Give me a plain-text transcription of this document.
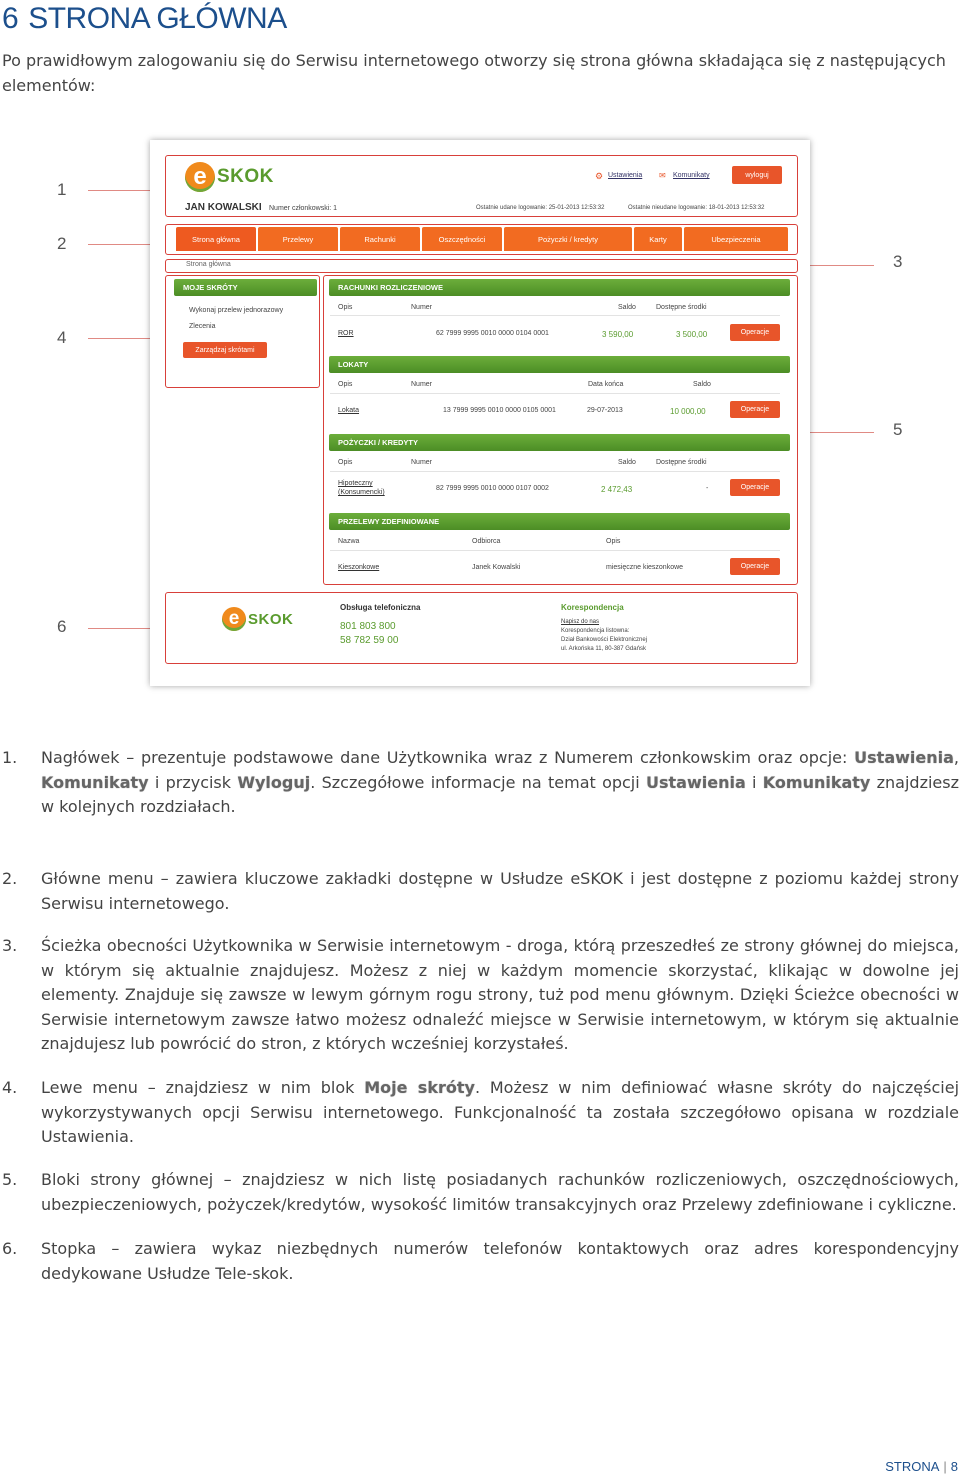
6 STRONA GŁÓWNA
Po prawidłowym zalogowaniu się do Serwisu internetowego otworzy się strona główna składająca się z następujących elementów:
1
2
3
4
5
6
e SKOK
JAN KOWALSKI Numer członkowski: 1
⚙ Ustawienia ✉ Komunikaty	wyloguj
Ostatnie udane logowanie: 25-01-2013 12:53:32	Ostatnie nieudane logowanie: 18-01-2013 12:53:32
Strona główna	Przelewy	Rachunki	Oszczędności	Pożyczki / kredyty	Karty	Ubezpieczenia
Strona główna
MOJE SKRÓTY
Wykonaj przelew jednorazowy
Zlecenia
Zarządzaj skrótami
RACHUNKI ROZLICZENIOWE
Opis	Numer	Saldo	Dostępne środki
ROR	62 7999 9995 0010 0000 0104 0001	3 590,00	3 500,00	Operacje
LOKATY
Opis	Numer	Data końca	Saldo
Lokata	13 7999 9995 0010 0000 0105 0001	29-07-2013	10 000,00	Operacje
POŻYCZKI / KREDYTY
Opis	Numer	Saldo	Dostępne środki
Hipoteczny
(Konsumencki)
82 7999 9995 0010 0000 0107 0002	2 472,43	-	Operacje
PRZELEWY ZDEFINIOWANE
Nazwa	Odbiorca	Opis
Kieszonkowe	Janek Kowalski	miesięczne kieszonkowe	Operacje
e SKOK
Obsługa telefoniczna
801 803 800
58 782 59 00
Korespondencja
Napisz do nas
Korespondencja listowna:
Dział Bankowości Elektronicznej
ul. Arkońska 11, 80-387 Gdańsk
1. Nagłówek – prezentuje podstawowe dane Użytkownika wraz z Numerem członkowskim oraz opcje: Ustawienia, Komunikaty i przycisk Wyloguj. Szczegółowe informacje na temat opcji Ustawienia i Komunikaty znajdziesz w kolejnych rozdziałach.
2. Główne menu – zawiera kluczowe zakładki dostępne w Usłudze eSKOK i jest dostępne z poziomu każdej strony Serwisu internetowego.
3. Ścieżka obecności Użytkownika w Serwisie internetowym - droga, którą przeszedłeś ze strony głównej do miejsca, w którym się aktualnie znajdujesz. Możesz z niej w każdym momencie skorzystać, klikając w dowolne jej elementy. Znajduje się zawsze w lewym górnym rogu strony, tuż pod menu głównym. Dzięki Ścieżce obecności w Serwisie internetowym zawsze łatwo możesz odnaleźć miejsce w Serwisie internetowym, w którym się aktualnie znajdujesz lub powrócić do stron, z których wcześniej korzystałeś.
4. Lewe menu – znajdziesz w nim blok Moje skróty. Możesz w nim definiować własne skróty do najczęściej wykorzystywanych opcji Serwisu internetowego. Funkcjonalność ta została szczegółowo opisana w rozdziale Ustawienia.
5. Bloki strony głównej – znajdziesz w nich listę posiadanych rachunków rozliczeniowych, oszczędnościowych, ubezpieczeniowych, pożyczek/kredytów, wysokość limitów transakcyjnych oraz Przelewy zdefiniowane i cykliczne.
6. Stopka – zawiera wykaz niezbędnych numerów telefonów kontaktowych oraz adres korespondencyjny dedykowane Usłudze Tele-skok.
STRONA | 8
